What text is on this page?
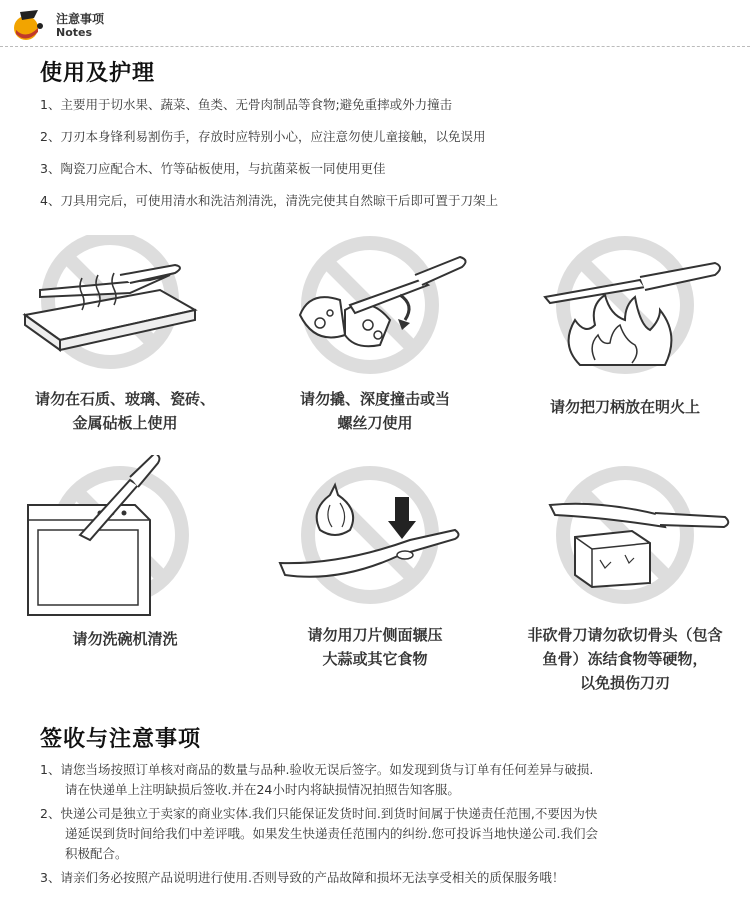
注意事项
Notes
使用及护理
1、主要用于切水果、蔬菜、鱼类、无骨肉制品等食物;避免重摔或外力撞击
2、刀刃本身锋利易割伤手，存放时应特别小心，应注意勿使儿童接触，以免误用
3、陶瓷刀应配合木、竹等砧板使用，与抗菌菜板一同使用更佳
4、刀具用完后，可使用清水和洗洁剂清洗，清洗完使其自然晾干后即可置于刀架上
请勿在石质、玻璃、瓷砖、
金属砧板上使用
请勿撬、深度撞击或当
螺丝刀使用
请勿把刀柄放在明火上
请勿洗碗机清洗	请勿用刀片侧面辗压
大蒜或其它食物
非砍骨刀请勿砍切骨头（包含
鱼骨）冻结食物等硬物，
以免损伤刀刃
签收与注意事项
1、请您当场按照订单核对商品的数量与品种.验收无误后签字。如发现到货与订单有任何差异与破损.
　　请在快递单上注明缺损后签收.并在24小时内将缺损情况拍照告知客服。
2、快递公司是独立于卖家的商业实体.我们只能保证发货时间.到货时间属于快递责任范围,不要因为快
　　递延误到货时间给我们中差评哦。如果发生快递责任范围内的纠纷.您可投诉当地快递公司.我们会
　　积极配合。
3、请亲们务必按照产品说明进行使用.否则导致的产品故障和损坏无法享受相关的质保服务哦！
